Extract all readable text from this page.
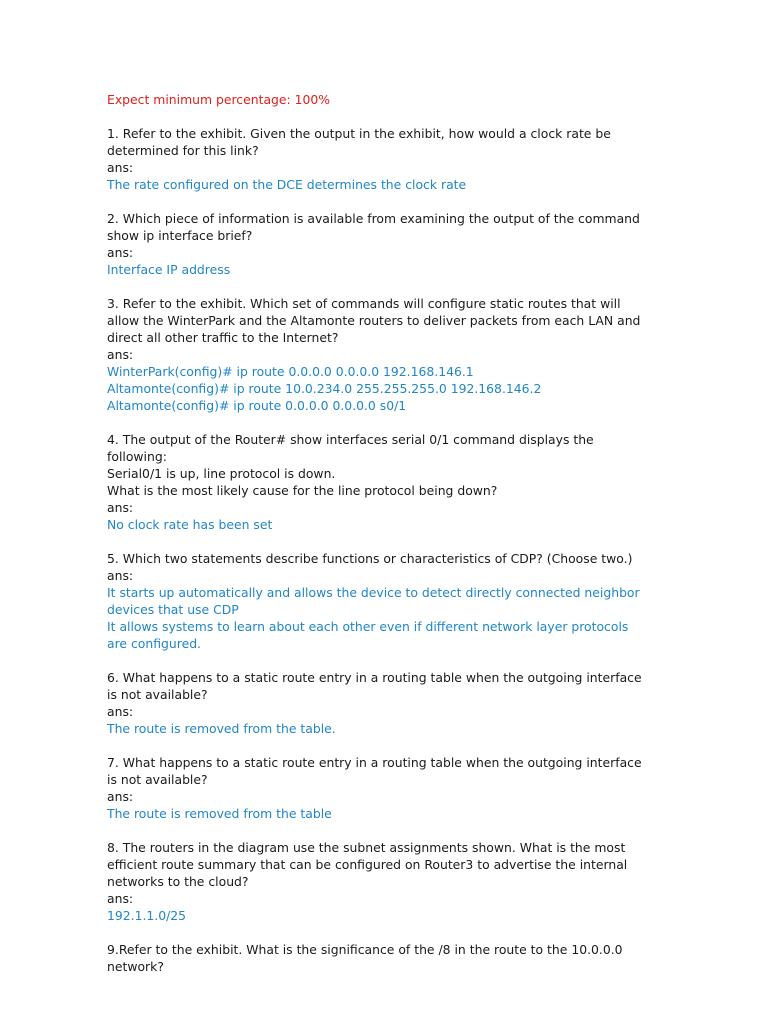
Expect minimum percentage: 100%

1. Refer to the exhibit. Given the output in the exhibit, how would a clock rate be determined for this link?

ans:

The rate configured on the DCE determines the clock rate

2. Which piece of information is available from examining the output of the command show ip interface brief?

ans:

Interface IP address

3. Refer to the exhibit. Which set of commands will configure static routes that will allow the WinterPark and the Altamonte routers to deliver packets from each LAN and direct all other traffic to the Internet?

ans:

WinterPark(config)# ip route 0.0.0.0 0.0.0.0 192.168.146.1

Altamonte(config)# ip route 10.0.234.0 255.255.255.0 192.168.146.2

Altamonte(config)# ip route 0.0.0.0 0.0.0.0 s0/1

4. The output of the Router# show interfaces serial 0/1 command displays the following:

Serial0/1 is up, line protocol is down.

What is the most likely cause for the line protocol being down?

ans:

No clock rate has been set

5. Which two statements describe functions or characteristics of CDP? (Choose two.)

ans:

It starts up automatically and allows the device to detect directly connected neighbor devices that use CDP

It allows systems to learn about each other even if different network layer protocols are configured.

6. What happens to a static route entry in a routing table when the outgoing interface is not available?

ans:

The route is removed from the table.

7. What happens to a static route entry in a routing table when the outgoing interface is not available?

ans:

The route is removed from the table

8. The routers in the diagram use the subnet assignments shown. What is the most efficient route summary that can be configured on Router3 to advertise the internal networks to the cloud?

ans:

192.1.1.0/25

9.Refer to the exhibit. What is the significance of the /8 in the route to the 10.0.0.0 network?
